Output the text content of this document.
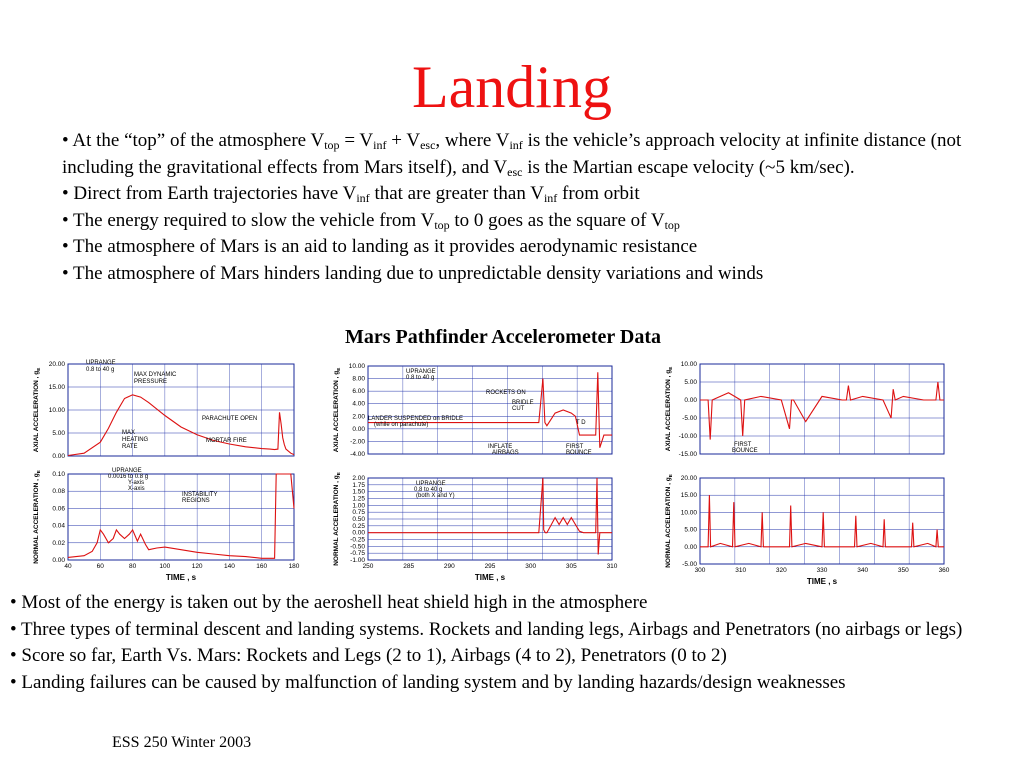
Landing

• At the “top” of the atmosphere $V_{top} = V_{inf} + V_{esc}$, where $V_{inf}$ is the vehicle’s approach velocity at infinite distance (not including the gravitational effects from Mars itself), and $V_{esc}$ is the Martian escape velocity (~5 km/sec).

• Direct from Earth trajectories have $V_{inf}$ that are greater than $V_{inf}$ from orbit

• The energy required to slow the vehicle from $V_{top}$ to 0 goes as the square of $V_{top}$

• The atmosphere of Mars is an aid to landing as it provides aerodynamic resistance

• The atmosphere of Mars hinders landing due to unpredictable density variations and winds

Mars Pathfinder Accelerometer Data
20.00
15.00
10.00
5.00
0.00
AXIAL ACCELERATION , $g_E$
UPRANGE
0.8 to 40 g
MAX DYNAMIC
PRESSURE
MAX
HEATING
RATE
PARACHUTE OPEN
MORTAR FIRE
0.10
0.08
0.06
0.04
0.02
0.00
40	60	80	100	120	140	160	180
TIME , s
NORMAL ACCELERATION , $g_E$	UPRANGE
0.0016 to 0.8 g
Y-axis
X-axis
INSTABILITY
REGIONS
10.00
8.00
6.00
4.00
2.00
0.00
-2.00
-4.00
AXIAL ACCELERATION , $g_E$	UPRANGE
0.8 to 40 g
ROCKETS ON
BRIDLE
CUT
LANDER SUSPENDED on BRIDLE
(while on parachute)
INFLATE
AIRBAGS
FIRST
BOUNCE
T D
2.00
1.75
1.50
1.25
1.00
0.75
0.50
0.25
0.00
-0.25
-0.50
-0.75
-1.00
250	285	290	295	300	305	310
TIME , s
NORMAL ACCELERATION , $g_E$
UPRANGE
0.8 to 40 g
(both X and Y)
10.00
5.00
0.00
-5.00
-10.00
-15.00
AXIAL ACCELERATION , $g_E$
FIRST
BOUNCE
20.00
15.00
10.00
5.00
0.00
-5.00
300	310	320	330	340	350	360
TIME , s
NORMAL ACCELERATION , $g_E$

• Most of the energy is taken out by the aeroshell heat shield high in the atmosphere

• Three types of terminal descent and landing systems. Rockets and landing legs, Airbags and Penetrators (no airbags or legs)

• Score so far, Earth Vs. Mars: Rockets and Legs (2 to 1), Airbags (4 to 2), Penetrators (0 to 2)

• Landing failures can be caused by malfunction of landing system and by landing hazards/design weaknesses

ESS 250 Winter 2003
